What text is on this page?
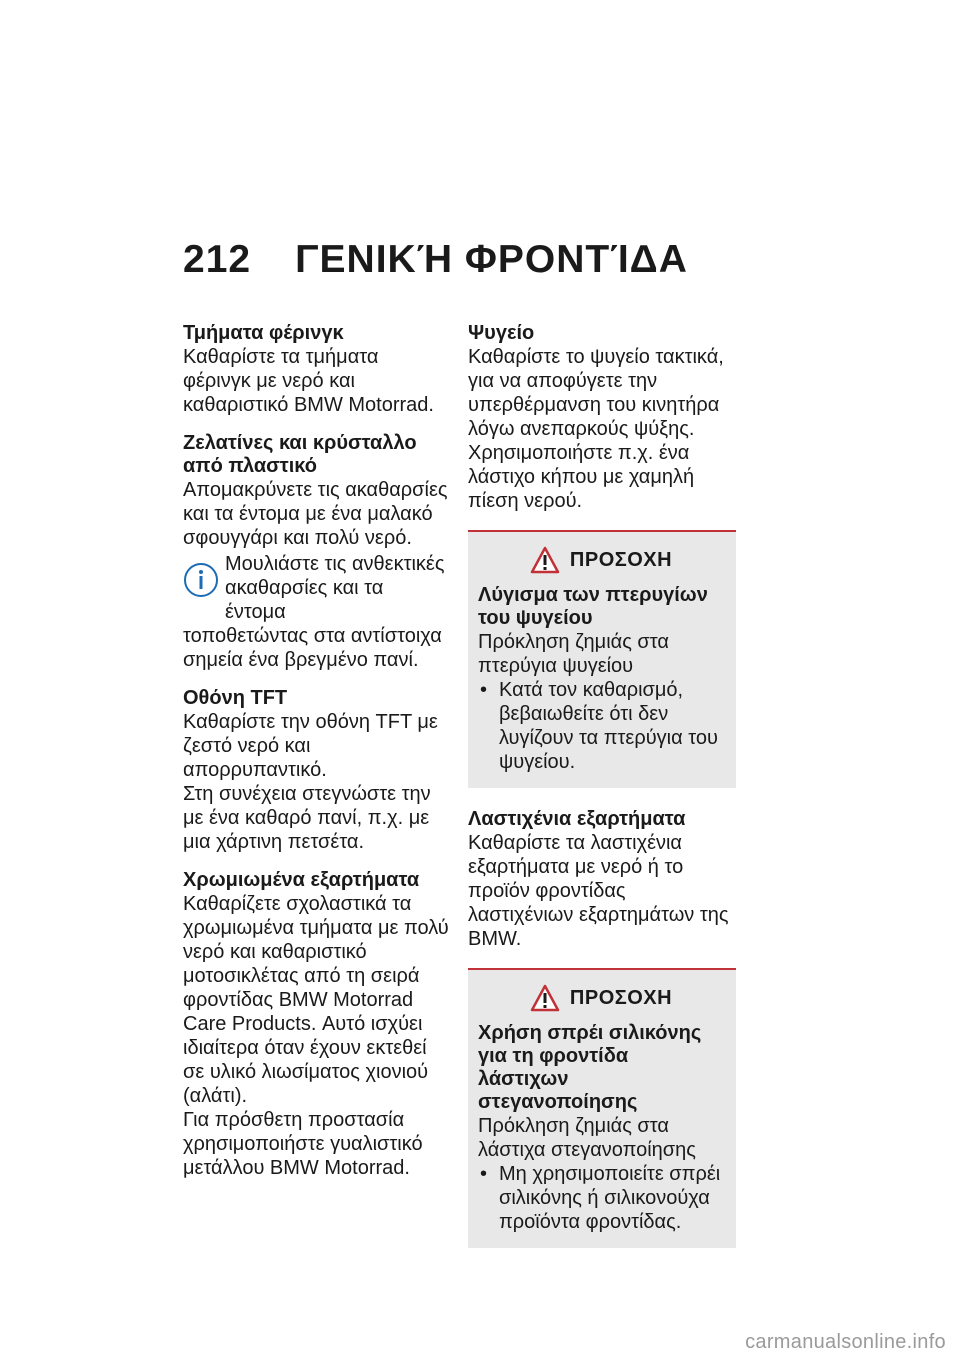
212 ΓΕΝΙΚΉ ΦΡΟΝΤΊΔΑ
Τμήματα φέρινγκ

Καθαρίστε τα τμήματα φέρινγκ με νερό και καθαριστικό BMW Motorrad.

Ζελατίνες και κρύσταλλο από πλαστικό

Απομακρύνετε τις ακαθαρσίες και τα έντομα με ένα μαλακό σφουγγάρι και πολύ νερό.

Μουλιάστε τις ανθεκτικές ακαθαρσίες και τα έντομα

τοποθετώντας στα αντίστοιχα σημεία ένα βρεγμένο πανί.

Οθόνη TFT

Καθαρίστε την οθόνη TFT με ζεστό νερό και απορρυπαντικό.

Στη συνέχεια στεγνώστε την με ένα καθαρό πανί, π.χ. με μια χάρτινη πετσέτα.

Χρωμιωμένα εξαρτήματα

Καθαρίζετε σχολαστικά τα χρωμιωμένα τμήματα με πολύ νερό και καθαριστικό μοτοσικλέτας από τη σειρά φροντίδας BMW Motorrad Care Products. Αυτό ισχύει ιδιαίτερα όταν έχουν εκτεθεί σε υλικό λιωσίματος χιονιού (αλάτι).

Για πρόσθετη προστασία χρησιμοποιήστε γυαλιστικό μετάλλου BMW Motorrad.

Ψυγείο

Καθαρίστε το ψυγείο τακτικά, για να αποφύγετε την υπερθέρμανση του κινητήρα λόγω ανεπαρκούς ψύξης.

Χρησιμοποιήστε π.χ. ένα λάστιχο κήπου με χαμηλή πίεση νερού.

ΠΡΟΣΟΧΗ
Λύγισμα των πτερυγίων του ψυγείου

Πρόκληση ζημιάς στα πτερύγια ψυγείου

• Κατά τον καθαρισμό, βεβαιωθείτε ότι δεν λυγίζουν τα πτερύγια του ψυγείου.
Λαστιχένια εξαρτήματα

Καθαρίστε τα λαστιχένια εξαρτήματα με νερό ή το προϊόν φροντίδας λαστιχένιων εξαρτημάτων της BMW.

ΠΡΟΣΟΧΗ
Χρήση σπρέι σιλικόνης για τη φροντίδα λάστιχων στεγανοποίησης

Πρόκληση ζημιάς στα λάστιχα στεγανοποίησης

• Μη χρησιμοποιείτε σπρέι σιλικόνης ή σιλικονούχα προϊόντα φροντίδας.
carmanualsonline.info
